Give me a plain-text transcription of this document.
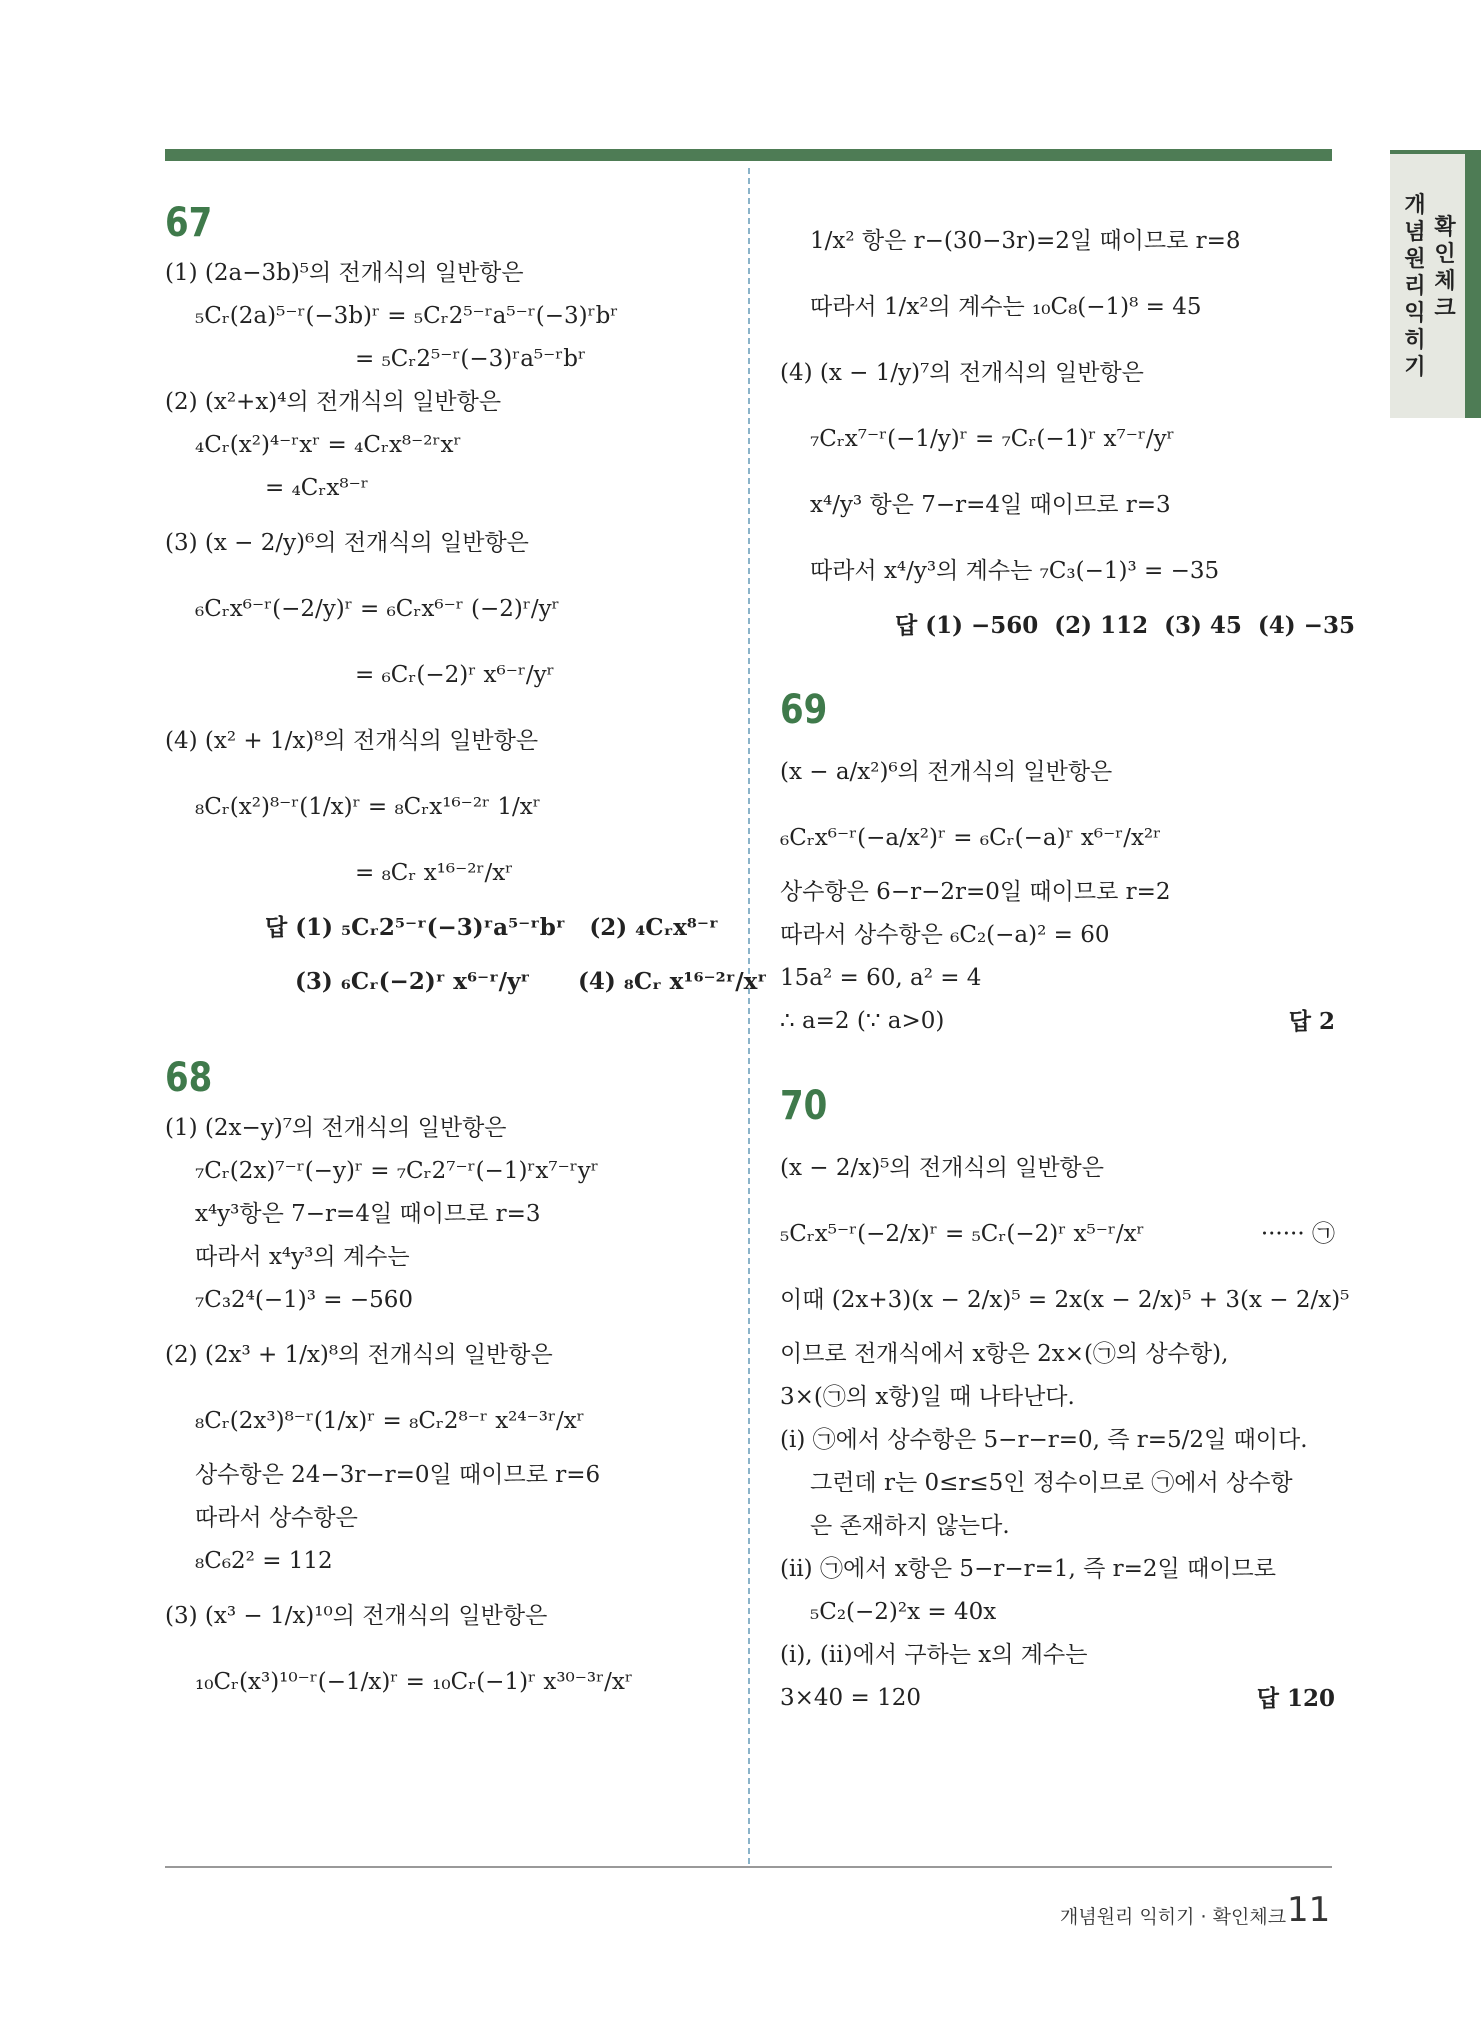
개념원리 익히기
확인체크
67
(1) (2a−3b)⁵의 전개식의 일반항은
₅Cᵣ(2a)⁵⁻ʳ(−3b)ʳ = ₅Cᵣ2⁵⁻ʳa⁵⁻ʳ(−3)ʳbʳ
= ₅Cᵣ2⁵⁻ʳ(−3)ʳa⁵⁻ʳbʳ
(2) (x²+x)⁴의 전개식의 일반항은
₄Cᵣ(x²)⁴⁻ʳxʳ = ₄Cᵣx⁸⁻²ʳxʳ
= ₄Cᵣx⁸⁻ʳ
(3) (x − 2/y)⁶의 전개식의 일반항은
₆Cᵣx⁶⁻ʳ(−2/y)ʳ = ₆Cᵣx⁶⁻ʳ (−2)ʳ/yʳ
= ₆Cᵣ(−2)ʳ x⁶⁻ʳ/yʳ
(4) (x² + 1/x)⁸의 전개식의 일반항은
₈Cᵣ(x²)⁸⁻ʳ(1/x)ʳ = ₈Cᵣx¹⁶⁻²ʳ 1/xʳ
= ₈Cᵣ x¹⁶⁻²ʳ/xʳ
답 (1) ₅Cᵣ2⁵⁻ʳ(−3)ʳa⁵⁻ʳbʳ   (2) ₄Cᵣx⁸⁻ʳ
(3) ₆Cᵣ(−2)ʳ x⁶⁻ʳ/yʳ      (4) ₈Cᵣ x¹⁶⁻²ʳ/xʳ
68
(1) (2x−y)⁷의 전개식의 일반항은
₇Cᵣ(2x)⁷⁻ʳ(−y)ʳ = ₇Cᵣ2⁷⁻ʳ(−1)ʳx⁷⁻ʳyʳ
x⁴y³항은 7−r=4일 때이므로 r=3
따라서 x⁴y³의 계수는
₇C₃2⁴(−1)³ = −560
(2) (2x³ + 1/x)⁸의 전개식의 일반항은
₈Cᵣ(2x³)⁸⁻ʳ(1/x)ʳ = ₈Cᵣ2⁸⁻ʳ x²⁴⁻³ʳ/xʳ
상수항은 24−3r−r=0일 때이므로 r=6
따라서 상수항은
₈C₆2² = 112
(3) (x³ − 1/x)¹⁰의 전개식의 일반항은
₁₀Cᵣ(x³)¹⁰⁻ʳ(−1/x)ʳ = ₁₀Cᵣ(−1)ʳ x³⁰⁻³ʳ/xʳ
1/x² 항은 r−(30−3r)=2일 때이므로 r=8
따라서 1/x²의 계수는 ₁₀C₈(−1)⁸ = 45
(4) (x − 1/y)⁷의 전개식의 일반항은
₇Cᵣx⁷⁻ʳ(−1/y)ʳ = ₇Cᵣ(−1)ʳ x⁷⁻ʳ/yʳ
x⁴/y³ 항은 7−r=4일 때이므로 r=3
따라서 x⁴/y³의 계수는 ₇C₃(−1)³ = −35
답 (1) −560  (2) 112  (3) 45  (4) −35
69
(x − a/x²)⁶의 전개식의 일반항은
₆Cᵣx⁶⁻ʳ(−a/x²)ʳ = ₆Cᵣ(−a)ʳ x⁶⁻ʳ/x²ʳ
상수항은 6−r−2r=0일 때이므로 r=2
따라서 상수항은 ₆C₂(−a)² = 60
15a² = 60, a² = 4
∴ a=2 (∵ a>0)	답 2
70
(x − 2/x)⁵의 전개식의 일반항은
₅Cᵣx⁵⁻ʳ(−2/x)ʳ = ₅Cᵣ(−2)ʳ x⁵⁻ʳ/xʳ	······ ㉠
이때 (2x+3)(x − 2/x)⁵ = 2x(x − 2/x)⁵ + 3(x − 2/x)⁵
이므로 전개식에서 x항은 2x×(㉠의 상수항),
3×(㉠의 x항)일 때 나타난다.
(i) ㉠에서 상수항은 5−r−r=0, 즉 r=5/2일 때이다.
그런데 r는 0≤r≤5인 정수이므로 ㉠에서 상수항
은 존재하지 않는다.
(ii) ㉠에서 x항은 5−r−r=1, 즉 r=2일 때이므로
₅C₂(−2)²x = 40x
(i), (ii)에서 구하는 x의 계수는
3×40 = 120	답 120
개념원리 익히기 · 확인체크 11
